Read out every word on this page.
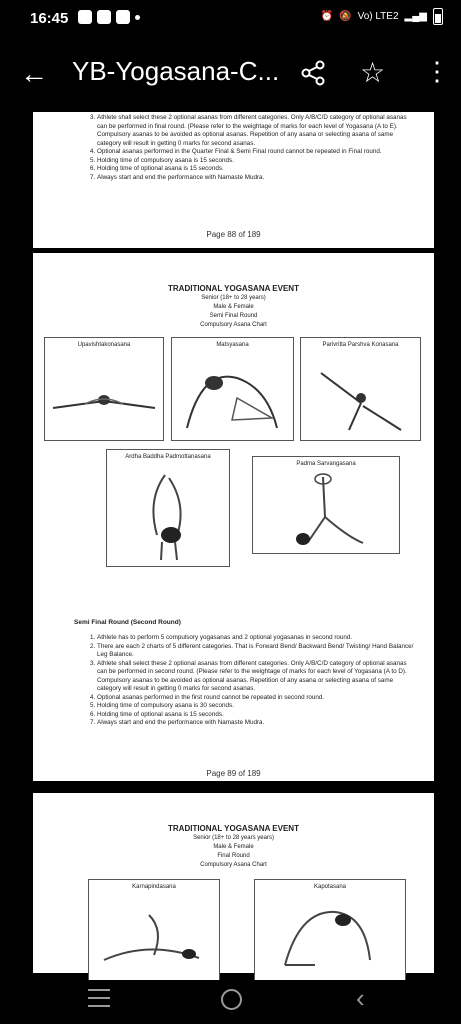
16:45	⏰ 🔕 Vo) LTE2 ▂▄▆
← YB-Yogasana-C...	☆ ⋮
3. Athlete shall select these 2 optional asanas from different categories. Only A/B/C/D category of optional asanas can be performed in final round. (Please refer to the weightage of marks for each level of Yogasana (A to E). Compulsory asanas to be avoided as optional asanas. Repetition of any asana or selecting asana of same category will result in getting 0 marks for second asanas.
4. Optional asanas performed in the Quarter Final & Semi Final round cannot be repeated in Final round.
5. Holding time of compulsory asana is 15 seconds.
6. Holding time of optional asana is 15 seconds.
7. Always start and end the performance with Namaste Mudra.
Page 88 of 189
TRADITIONAL YOGASANA EVENT
Senior (18+ to 28 years)
Male & Female
Semi Final Round
Compulsory Asana Chart
Upavishtakonasana	Matsyasana	Parivritta Parshva Konasana
Ardha Baddha Padmottanasana
Padma Sarvangasana
Semi Final Round (Second Round)
1. Athlete has to perform 5 compulsory yogasanas and 2 optional yogasanas in second round.
2. There are each 2 charts of 5 different categories. That is Forward Bend/ Backward Bend/ Twisting/ Hand Balance/ Leg Balance.
3. Athlete shall select these 2 optional asanas from different categories. Only A/B/C/D category of optional asanas can be performed in second round. (Please refer to the weightage of marks for each level of Yogasana (A to D). Compulsory asanas to be avoided as optional asanas. Repetition of any asana or selecting asana of same category will result in getting 0 marks for second asanas.
4. Optional asanas performed in the first round cannot be repeated in second round.
5. Holding time of compulsory asana is 30 seconds.
6. Holding time of optional asana is 15 seconds.
7. Always start and end the performance with Namaste Mudra.
Page 89 of 189
TRADITIONAL YOGASANA EVENT
Senior (18+ to 28 years years)
Male & Female
Final Round
Compulsory Asana Chart
Karnapindasana	Kapotasana
‹
